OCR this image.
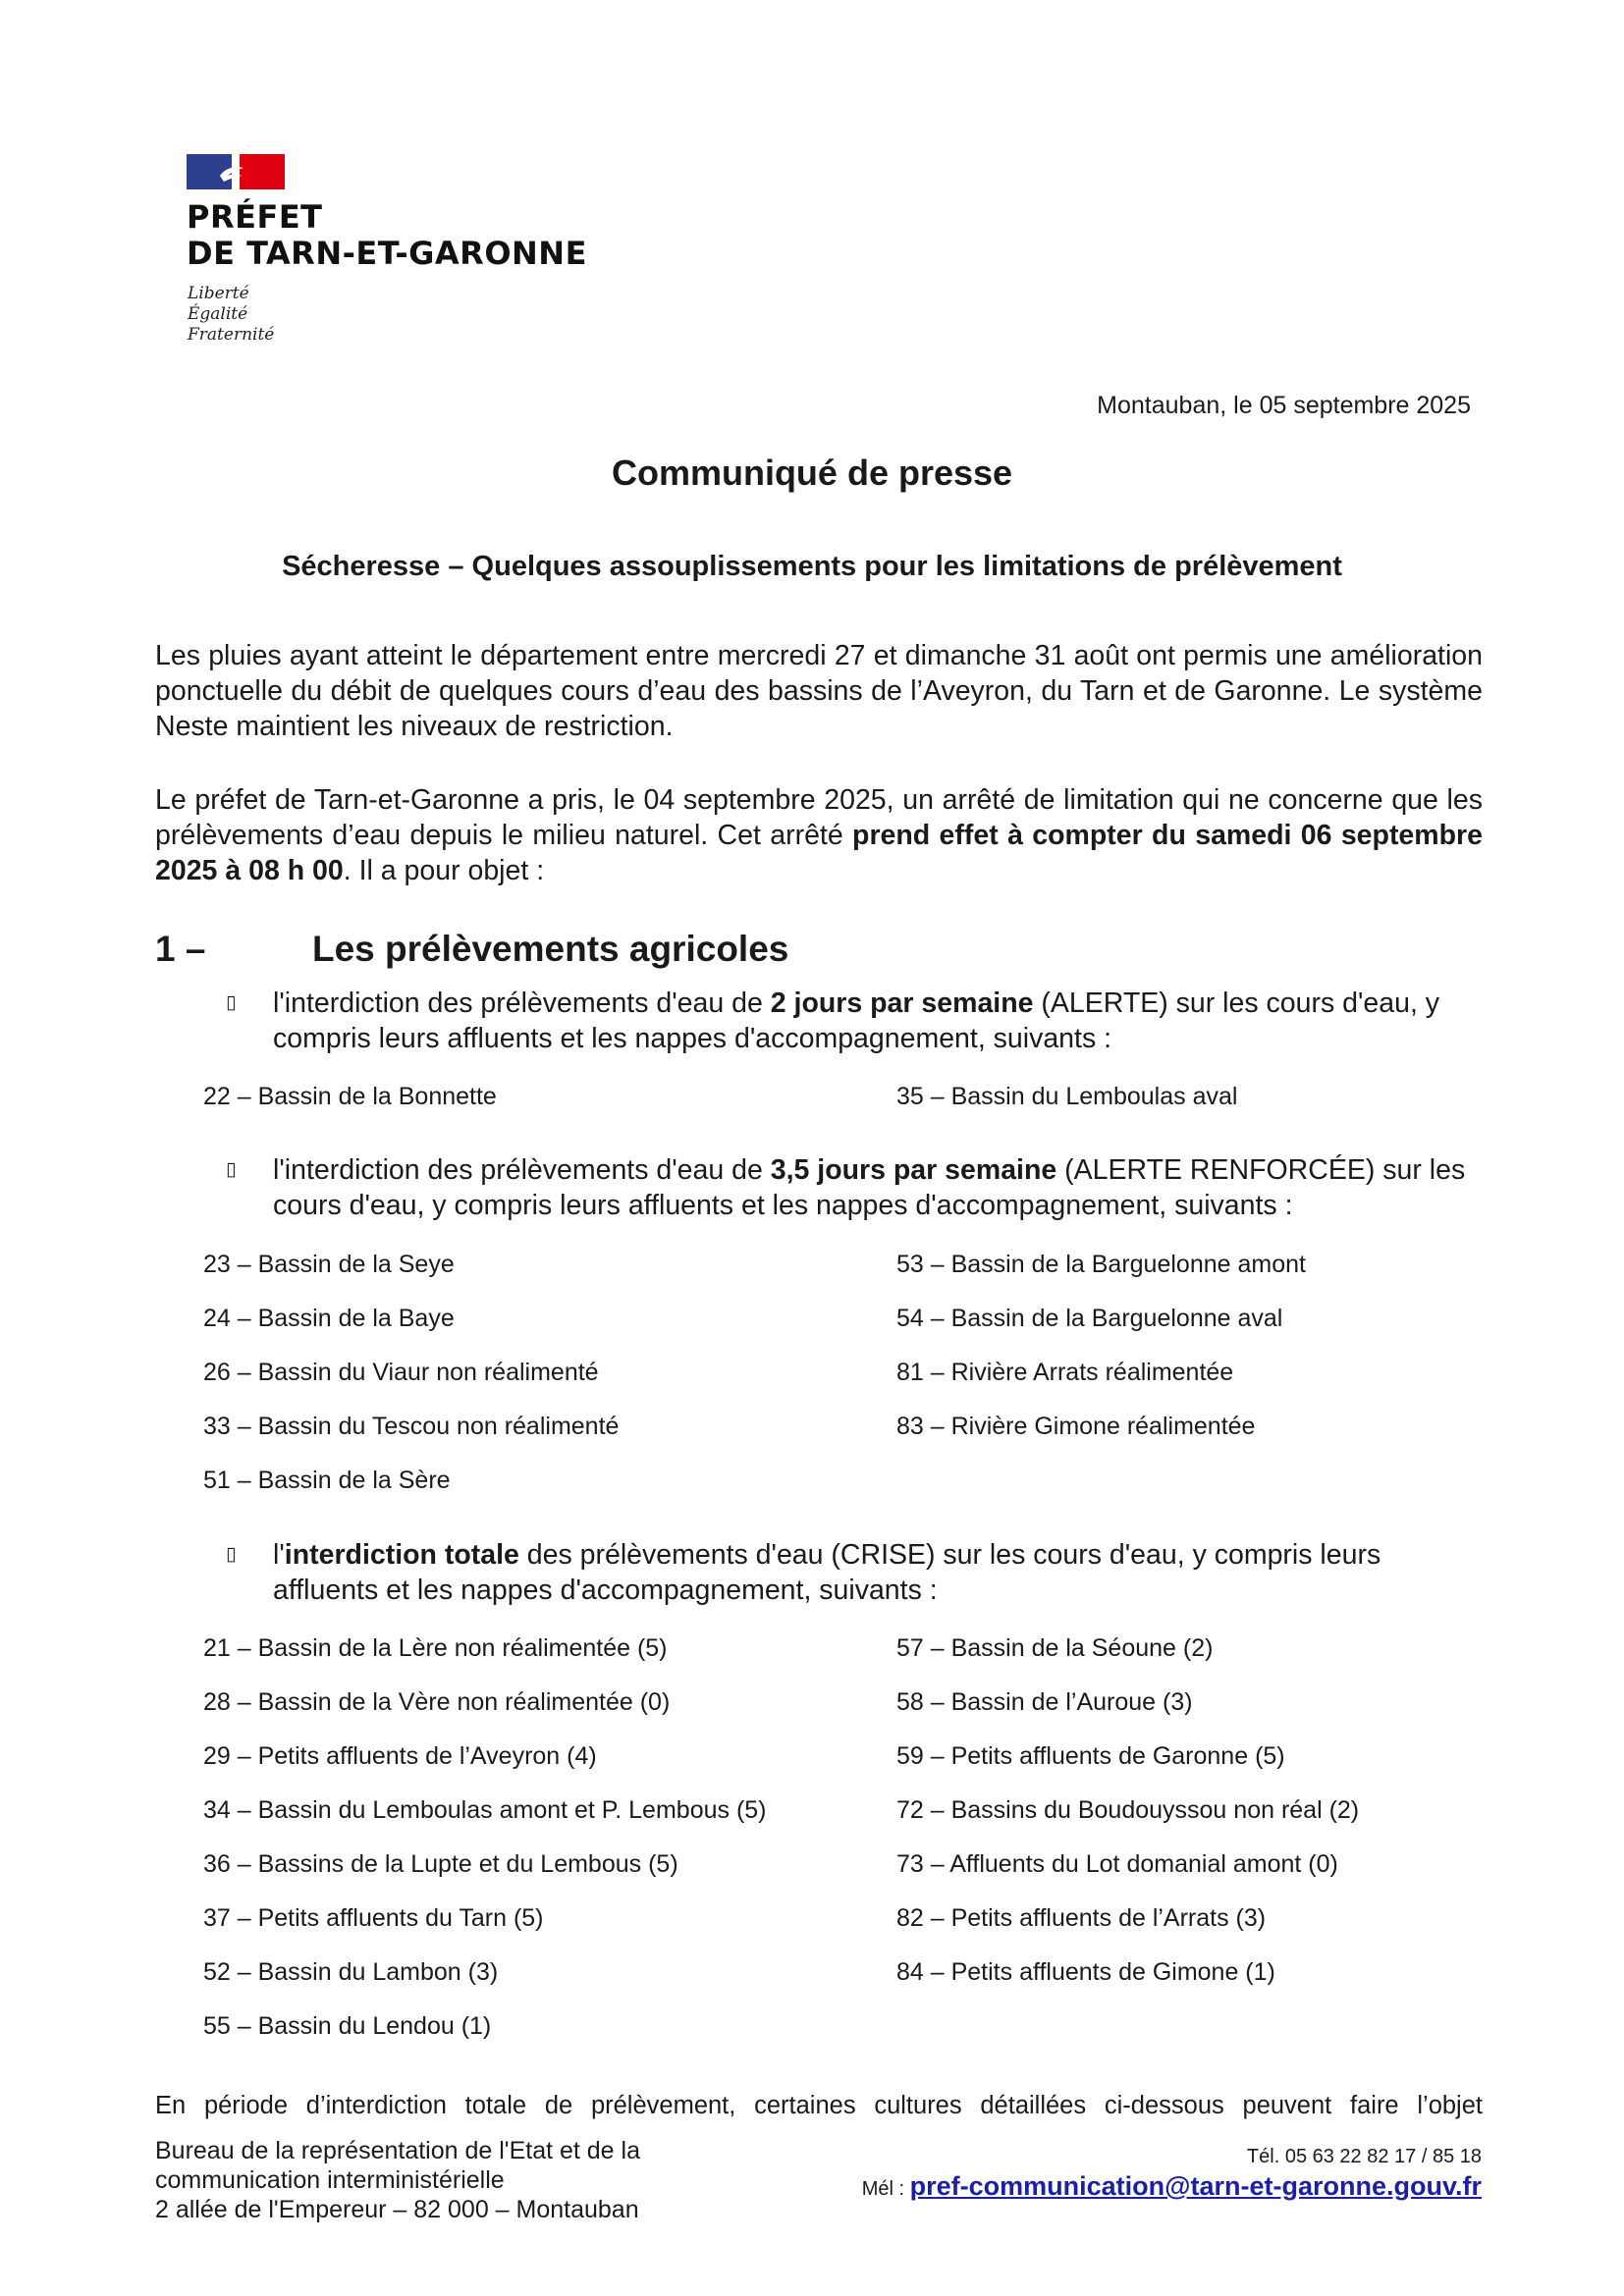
PRÉFET
DE TARN-ET-GARONNE
Liberté
Égalité
Fraternité
Montauban, le 05 septembre 2025
Communiqué de presse
Sécheresse – Quelques assouplissements pour les limitations de prélèvement
Les pluies ayant atteint le département entre mercredi 27 et dimanche 31 août ont permis une amélioration ponctuelle du débit de quelques cours d’eau des bassins de l’Aveyron, du Tarn et de Garonne. Le système Neste maintient les niveaux de restriction.
Le préfet de Tarn-et-Garonne a pris, le 04 septembre 2025, un arrêté de limitation qui ne concerne que les prélèvements d’eau depuis le milieu naturel. Cet arrêté prend effet à compter du samedi 06 septembre 2025 à 08 h 00. Il a pour objet :
1 –	Les prélèvements agricoles
▯ l'interdiction des prélèvements d'eau de 2 jours par semaine (ALERTE) sur les cours d'eau, y compris leurs affluents et les nappes d'accompagnement, suivants :
22 – Bassin de la Bonnette	35 – Bassin du Lemboulas aval
▯ l'interdiction des prélèvements d'eau de 3,5 jours par semaine (ALERTE RENFORCÉE) sur les cours d'eau, y compris leurs affluents et les nappes d'accompagnement, suivants :
23 – Bassin de la Seye
24 – Bassin de la Baye
26 – Bassin du Viaur non réalimenté
33 – Bassin du Tescou non réalimenté
51 – Bassin de la Sère
53 – Bassin de la Barguelonne amont
54 – Bassin de la Barguelonne aval
81 – Rivière Arrats réalimentée
83 – Rivière Gimone réalimentée
▯ l'interdiction totale des prélèvements d'eau (CRISE) sur les cours d'eau, y compris leurs affluents et les nappes d'accompagnement, suivants :
21 – Bassin de la Lère non réalimentée (5)
28 – Bassin de la Vère non réalimentée (0)
29 – Petits affluents de l’Aveyron (4)
34 – Bassin du Lemboulas amont et P. Lembous (5)
36 – Bassins de la Lupte et du Lembous (5)
37 – Petits affluents du Tarn (5)
52 – Bassin du Lambon (3)
55 – Bassin du Lendou (1)
57 – Bassin de la Séoune (2)
58 – Bassin de l’Auroue (3)
59 – Petits affluents de Garonne (5)
72 – Bassins du Boudouyssou non réal (2)
73 – Affluents du Lot domanial amont (0)
82 – Petits affluents de l’Arrats (3)
84 – Petits affluents de Gimone (1)
En période d’interdiction totale de prélèvement, certaines cultures détaillées ci-dessous peuvent faire l’objet
Bureau de la représentation de l'Etat et de la
communication interministérielle
2 allée de l'Empereur – 82 000 – Montauban
Tél. 05 63 22 82 17 / 85 18
Mél : pref-communication@tarn-et-garonne.gouv.fr
